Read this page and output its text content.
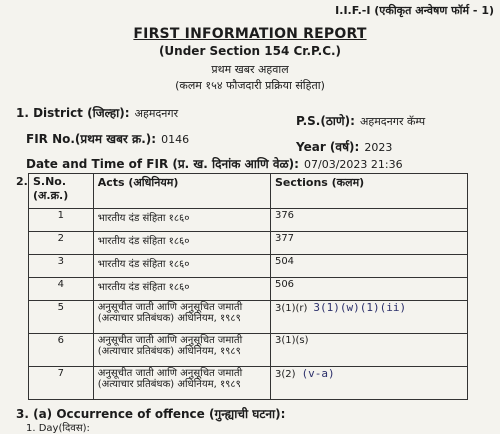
I.I.F.-I (एकीकृत अन्वेषण फॉर्म - 1)
FIRST INFORMATION REPORT
(Under Section 154 Cr.P.C.)
प्रथम खबर अहवाल
(कलम १५४ फौजदारी प्रक्रिया संहिता)
1. District (जिल्हा): अहमदनगर
P.S.(ठाणे): अहमदनगर कॅम्प
FIR No.(प्रथम खबर क्र.): 0146
Year (वर्ष): 2023
Date and Time of FIR (प्र. ख. दिनांक आणि वेळ): 07/03/2023 21:36
2. S.No. (अ.क्र.)	Acts (अधिनियम)	Sections (कलम)
1	भारतीय दंड संहिता १८६०	376
2	भारतीय दंड संहिता १८६०	377
3	भारतीय दंड संहिता १८६०	504
4	भारतीय दंड संहिता १८६०	506
5	अनुसूचीत जाती आणि अनुसूचित जमाती (अत्याचार प्रतिबंधक) अधिनियम, १९८९	3(1)(r) 3(1)(w)(1)(ii)
6	अनुसूचीत जाती आणि अनुसूचित जमाती (अत्याचार प्रतिबंधक) अधिनियम, १९८९	3(1)(s)
7	अनुसूचीत जाती आणि अनुसूचित जमाती (अत्याचार प्रतिबंधक) अधिनियम, १९८९	3(2) (v-a)
3. (a) Occurrence of offence (गुन्ह्याची घटना):
1. Day(दिवस):
